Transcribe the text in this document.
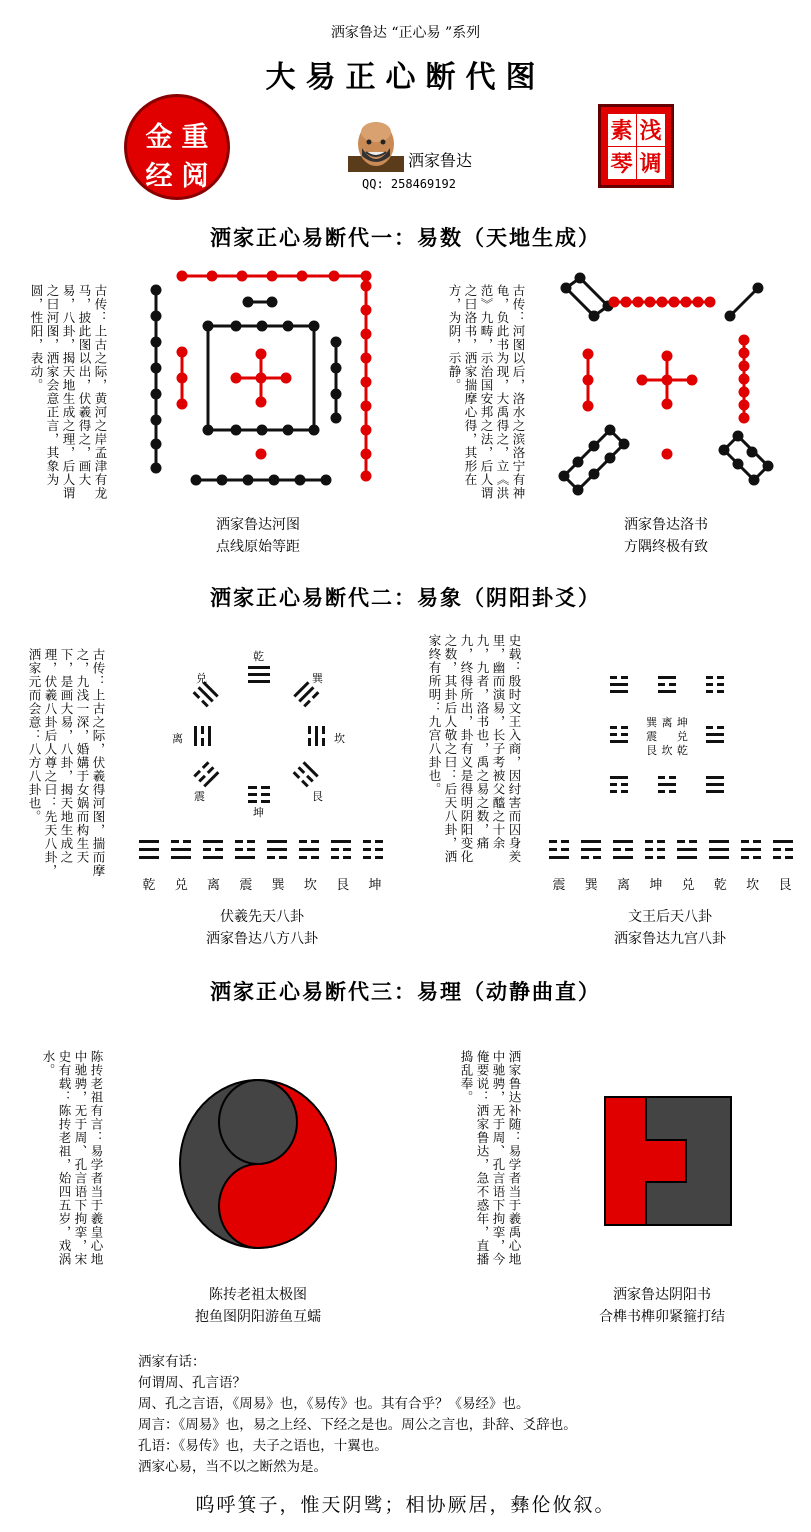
洒家鲁达 “正心易 ”系列
大易正心断代图
金 重
经 阅
洒家鲁达
QQ: 258469192
素 浅
琴 调
洒家正心易断代一：易数（天地生成）
古传：上古之际，黄河之岸孟津有龙马，披此图以出，伏羲得之，画大易，八卦，揭天地生成之理，后人谓之曰河图，洒家会意正言，其象为圆，性阳，表动。
洒家鲁达河图
点线原始等距
古传：河图以后，洛水之滨洛宁有神龟，负此书为现，大禹得之，立《洪范》九畴，示治国安邦之法，后人谓之曰洛书，洒家揣摩心得，其形在方，为阴，示静。
洒家鲁达洛书
方隅终极有致
洒家正心易断代二：易象（阴阳卦爻）
古传：上古之际，伏羲得河图，揣而摩之，九浅一深，婚媾于女娲而构生天下，是画大易，八卦，揭天地生成之理，伏羲八卦后人尊之曰：先天八卦，洒家元而会意：八方八卦也。	乾
巽
坎
艮
坤
震
离
兑
乾	兑	离	震	巽	坎	艮	坤
伏羲先天八卦
洒家鲁达八方八卦
史载：殷时文王入商，因纣害而囚身羑里，幽而演易，长子考被父醯之十余九，九者，洛书也，禹之易之数，痛九，终得所出，卦有义是得明阴阳变化之数，其卦后人敬之曰：后天八卦，洒家终有所明：九宫八卦也。	巽 离 坤
震 兑
艮 坎 乾
震	巽	离	坤	兑	乾	坎	艮
文王后天八卦
洒家鲁达九宫八卦
洒家正心易断代三：易理（动静曲直）
陈抟老祖有言：易学者当于羲皇心地中驰骋，无于周、孔言语下拘挛，宋史有载：陈抟老祖，始四五岁，戏涡水。
陈抟老祖太极图
抱鱼图阴阳游鱼互蠕
洒家鲁达补随：易学者当于羲禹心地中驰骋，无于周、孔言语下拘挛，今俺要说：洒家鲁达，急不惑年，直播捣乱奉。
洒家鲁达阴阳书
合榫书榫卯紧箍打结
洒家有话：
何谓周、孔言语？
周、孔之言语，《周易》也，《易传》也。其有合乎？《易经》也。
周言：《周易》也，易之上经、下经之是也。周公之言也，卦辞、爻辞也。
孔语：《易传》也，夫子之语也，十翼也。
洒家心易，当不以之断然为是。
呜呼箕子，惟天阴骘；相协厥居，彝伦攸叙。
